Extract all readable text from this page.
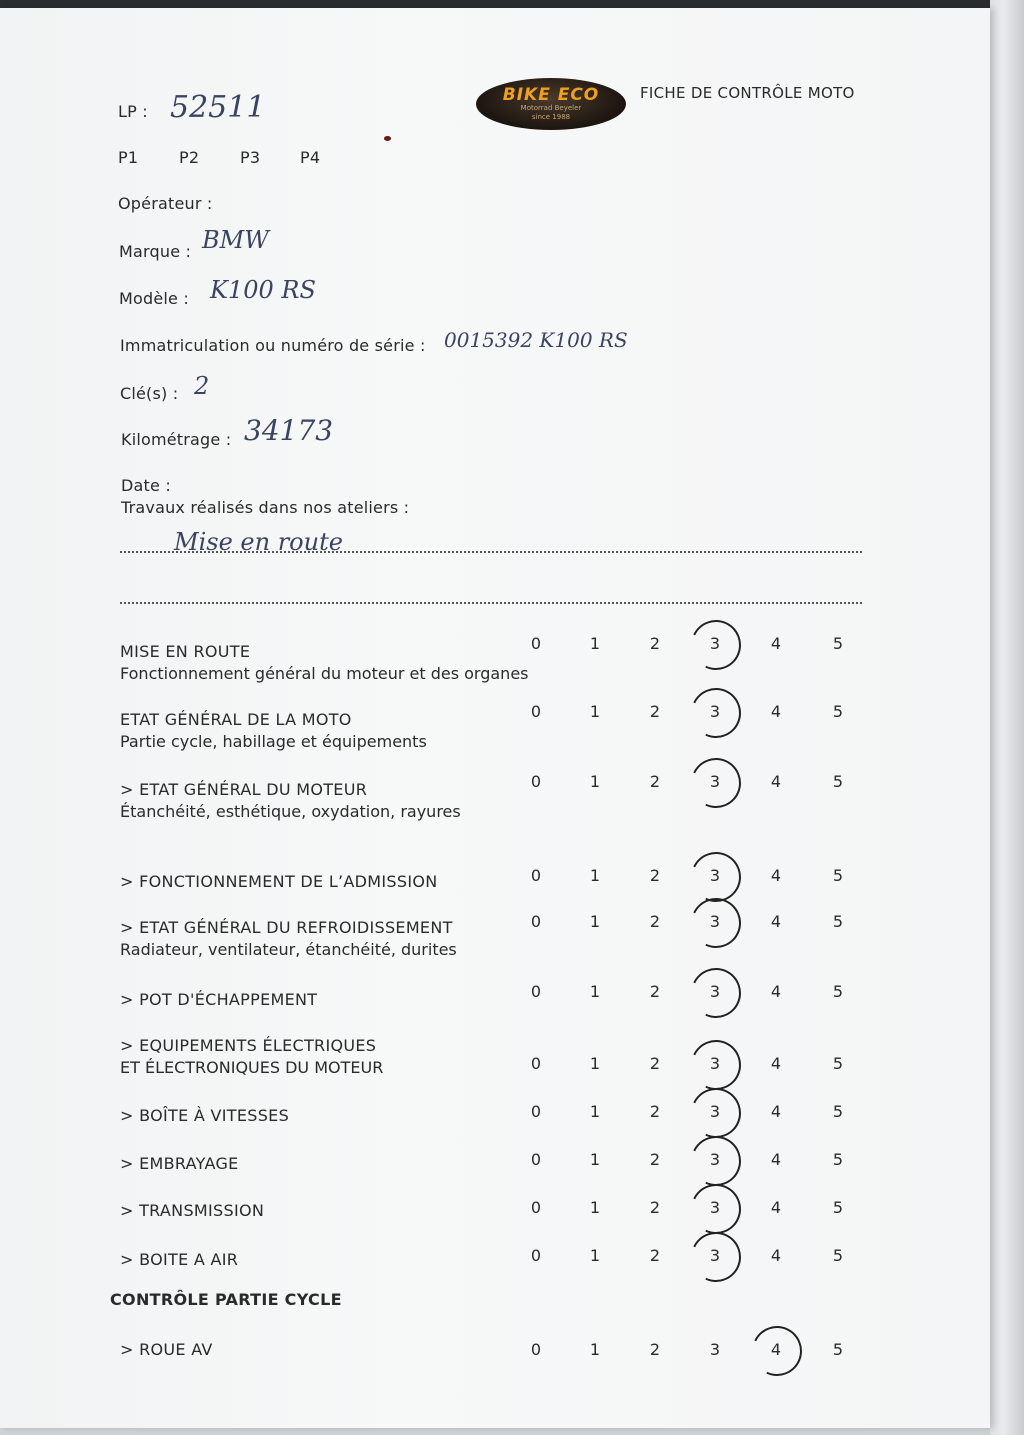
BIKE ECO
Motorrad Beyeler
since 1988
FICHE DE CONTRÔLE MOTO
LP : 52511
P1	P2	P3 P4
Opérateur :
Marque : BMW
Modèle : K100 RS
Immatriculation ou numéro de série : 0015392 K100 RS
Clé(s) : 2
Kilométrage : 34173
Date :
Travaux réalisés dans nos ateliers :
Mise en route
MISE EN ROUTE
Fonctionnement général du moteur et des organes
0	1	2	3	4	5
ETAT GÉNÉRAL DE LA MOTO
Partie cycle, habillage et équipements
0	1	2	3	4	5
> ETAT GÉNÉRAL DU MOTEUR
Étanchéité, esthétique, oxydation, rayures
0	1	2	3	4	5
> FONCTIONNEMENT DE L’ADMISSION	0	1	2	3	4	5
> ETAT GÉNÉRAL DU REFROIDISSEMENT
Radiateur, ventilateur, étanchéité, durites
0	1	2	3	4	5
> POT D'ÉCHAPPEMENT	0	1	2	3	4	5
> EQUIPEMENTS ÉLECTRIQUES
ET ÉLECTRONIQUES DU MOTEUR	0	1	2	3	4	5
> BOÎTE À VITESSES	0	1	2	3	4	5
> EMBRAYAGE	0	1	2	3	4	5
> TRANSMISSION	0	1	2	3	4	5
> BOITE A AIR	0	1	2	3	4	5
CONTRÔLE PARTIE CYCLE
> ROUE AV	0	1	2	3	4	5
